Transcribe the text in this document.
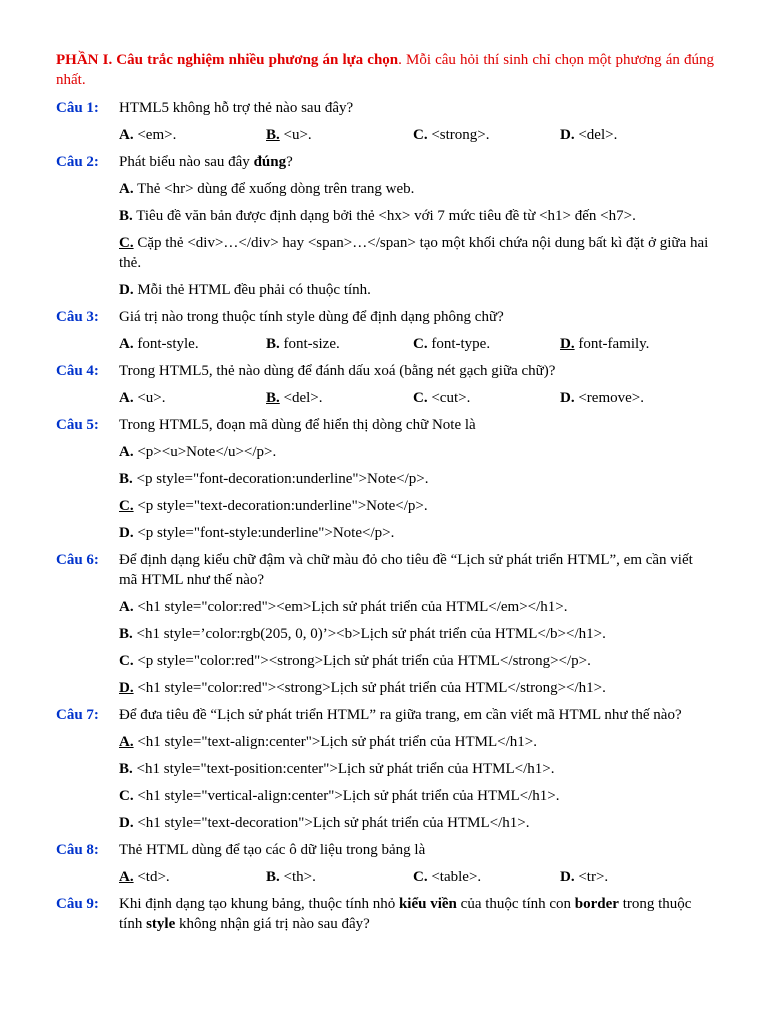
PHẦN I. Câu trắc nghiệm nhiều phương án lựa chọn. Mỗi câu hỏi thí sinh chỉ chọn một phương án đúng nhất.
Câu 1: HTML5 không hỗ trợ thẻ nào sau đây?
A. <em>.	B. <u>.	C. <strong>.	D. <del>.
Câu 2: Phát biểu nào sau đây đúng?
A. Thẻ <hr> dùng để xuống dòng trên trang web.
B. Tiêu đề văn bản được định dạng bởi thẻ <hx> với 7 mức tiêu đề từ <h1> đến <h7>.
C. Cặp thẻ <div>…</div> hay <span>…</span> tạo một khối chứa nội dung bất kì đặt ở giữa hai thẻ.
D. Mỗi thẻ HTML đều phải có thuộc tính.
Câu 3: Giá trị nào trong thuộc tính style dùng để định dạng phông chữ?
A. font-style.	B. font-size.	C. font-type.	D. font-family.
Câu 4: Trong HTML5, thẻ nào dùng để đánh dấu xoá (bằng nét gạch giữa chữ)?
A. <u>.	B. <del>.	C. <cut>.	D. <remove>.
Câu 5: Trong HTML5, đoạn mã dùng để hiển thị dòng chữ Note là
A. <p><u>Note</u></p>.
B. <p style="font-decoration:underline">Note</p>.
C. <p style="text-decoration:underline">Note</p>.
D. <p style="font-style:underline">Note</p>.
Câu 6: Để định dạng kiểu chữ đậm và chữ màu đỏ cho tiêu đề “Lịch sử phát triển HTML”, em cần viết mã HTML như thế nào?
A. <h1 style="color:red"><em>Lịch sử phát triển của HTML</em></h1>.
B. <h1 style=’color:rgb(205, 0, 0)’><b>Lịch sử phát triển của HTML</b></h1>.
C. <p style="color:red"><strong>Lịch sử phát triển của HTML</strong></p>.
D. <h1 style="color:red"><strong>Lịch sử phát triển của HTML</strong></h1>.
Câu 7: Để đưa tiêu đề “Lịch sử phát triển HTML” ra giữa trang, em cần viết mã HTML như thế nào?
A. <h1 style="text-align:center">Lịch sử phát triển của HTML</h1>.
B. <h1 style="text-position:center">Lịch sử phát triển của HTML</h1>.
C. <h1 style="vertical-align:center">Lịch sử phát triển của HTML</h1>.
D. <h1 style="text-decoration">Lịch sử phát triển của HTML</h1>.
Câu 8: Thẻ HTML dùng để tạo các ô dữ liệu trong bảng là
A. <td>.	B. <th>.	C. <table>.	D. <tr>.
Câu 9: Khi định dạng tạo khung bảng, thuộc tính nhỏ kiểu viền của thuộc tính con border trong thuộc tính style không nhận giá trị nào sau đây?
